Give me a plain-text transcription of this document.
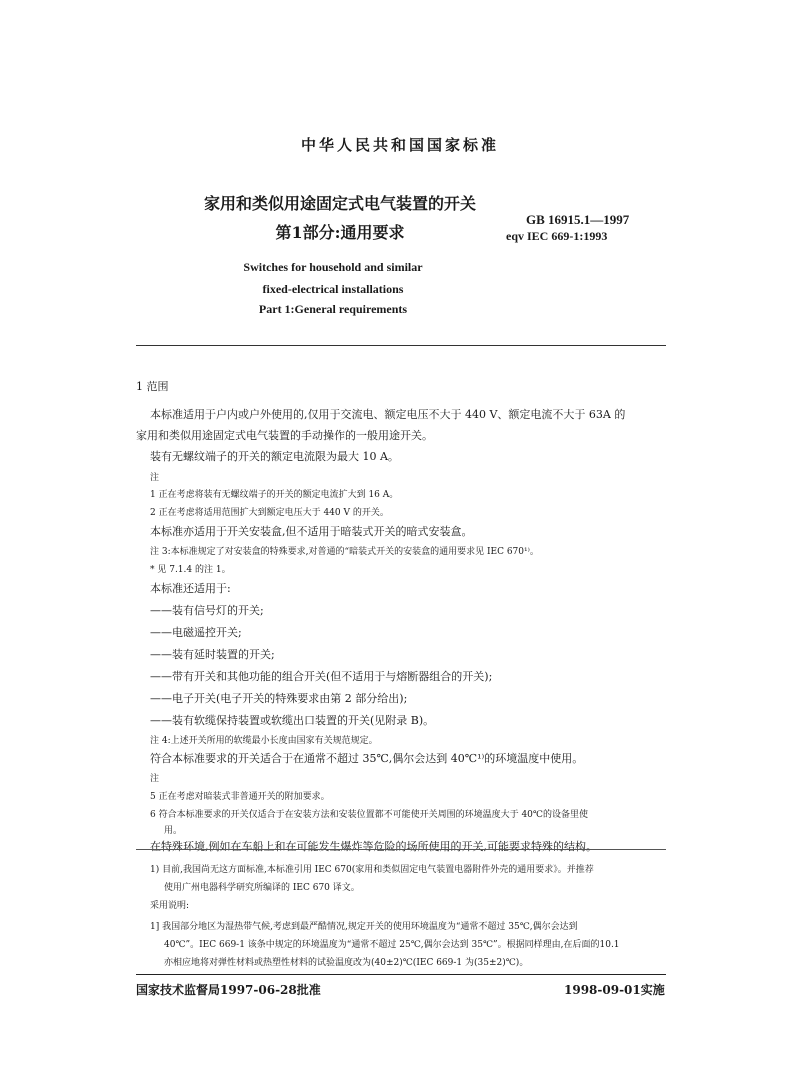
中华人民共和国国家标准
家用和类似用途固定式电气装置的开关
第1部分:通用要求
GB 16915.1—1997
eqv IEC 669-1:1993
Switches for household and similar
fixed-electrical installations
Part 1:General requirements
1 范围
本标准适用于户内或户外使用的,仅用于交流电、额定电压不大于 440 V、额定电流不大于 63A 的
家用和类似用途固定式电气装置的手动操作的一般用途开关。
装有无螺纹端子的开关的额定电流限为最大 10 A。
注
1 正在考虑将装有无螺纹端子的开关的额定电流扩大到 16 A。
2 正在考虑将适用范围扩大到额定电压大于 440 V 的开关。
本标准亦适用于开关安装盒,但不适用于暗装式开关的暗式安装盒。
注 3:本标准规定了对安装盒的特殊要求,对普通的“暗装式开关的安装盒的通用要求见 IEC 670¹⁾。
* 见 7.1.4 的注 1。
本标准还适用于:
——装有信号灯的开关;
——电磁遥控开关;
——装有延时装置的开关;
——带有开关和其他功能的组合开关(但不适用于与熔断器组合的开关);
——电子开关(电子开关的特殊要求由第 2 部分给出);
——装有软缆保持装置或软缆出口装置的开关(见附录 B)。
注 4:上述开关所用的软缆最小长度由国家有关规范规定。
符合本标准要求的开关适合于在通常不超过 35℃,偶尔会达到 40℃¹⁾的环境温度中使用。
注
5 正在考虑对暗装式非普通开关的附加要求。
6 符合本标准要求的开关仅适合于在安装方法和安装位置都不可能使开关周围的环境温度大于 40℃的设备里使
用。
在特殊环境,例如在车船上和在可能发生爆炸等危险的场所使用的开关,可能要求特殊的结构。
1) 目前,我国尚无这方面标准,本标准引用 IEC 670(家用和类似固定电气装置电器附件外壳的通用要求》。并推荐
使用广州电器科学研究所编译的 IEC 670 译文。
采用说明:
1] 我国部分地区为湿热带气候,考虑到最严酷情况,规定开关的使用环境温度为“通常不超过 35℃,偶尔会达到
40℃”。IEC 669-1 该条中规定的环境温度为“通常不超过 25℃,偶尔会达到 35℃”。根据同样理由,在后面的10.1
亦相应地将对弹性材料或热塑性材料的试验温度改为(40±2)℃(IEC 669-1 为(35±2)℃)。
国家技术监督局1997-06-28批准	1998-09-01实施
